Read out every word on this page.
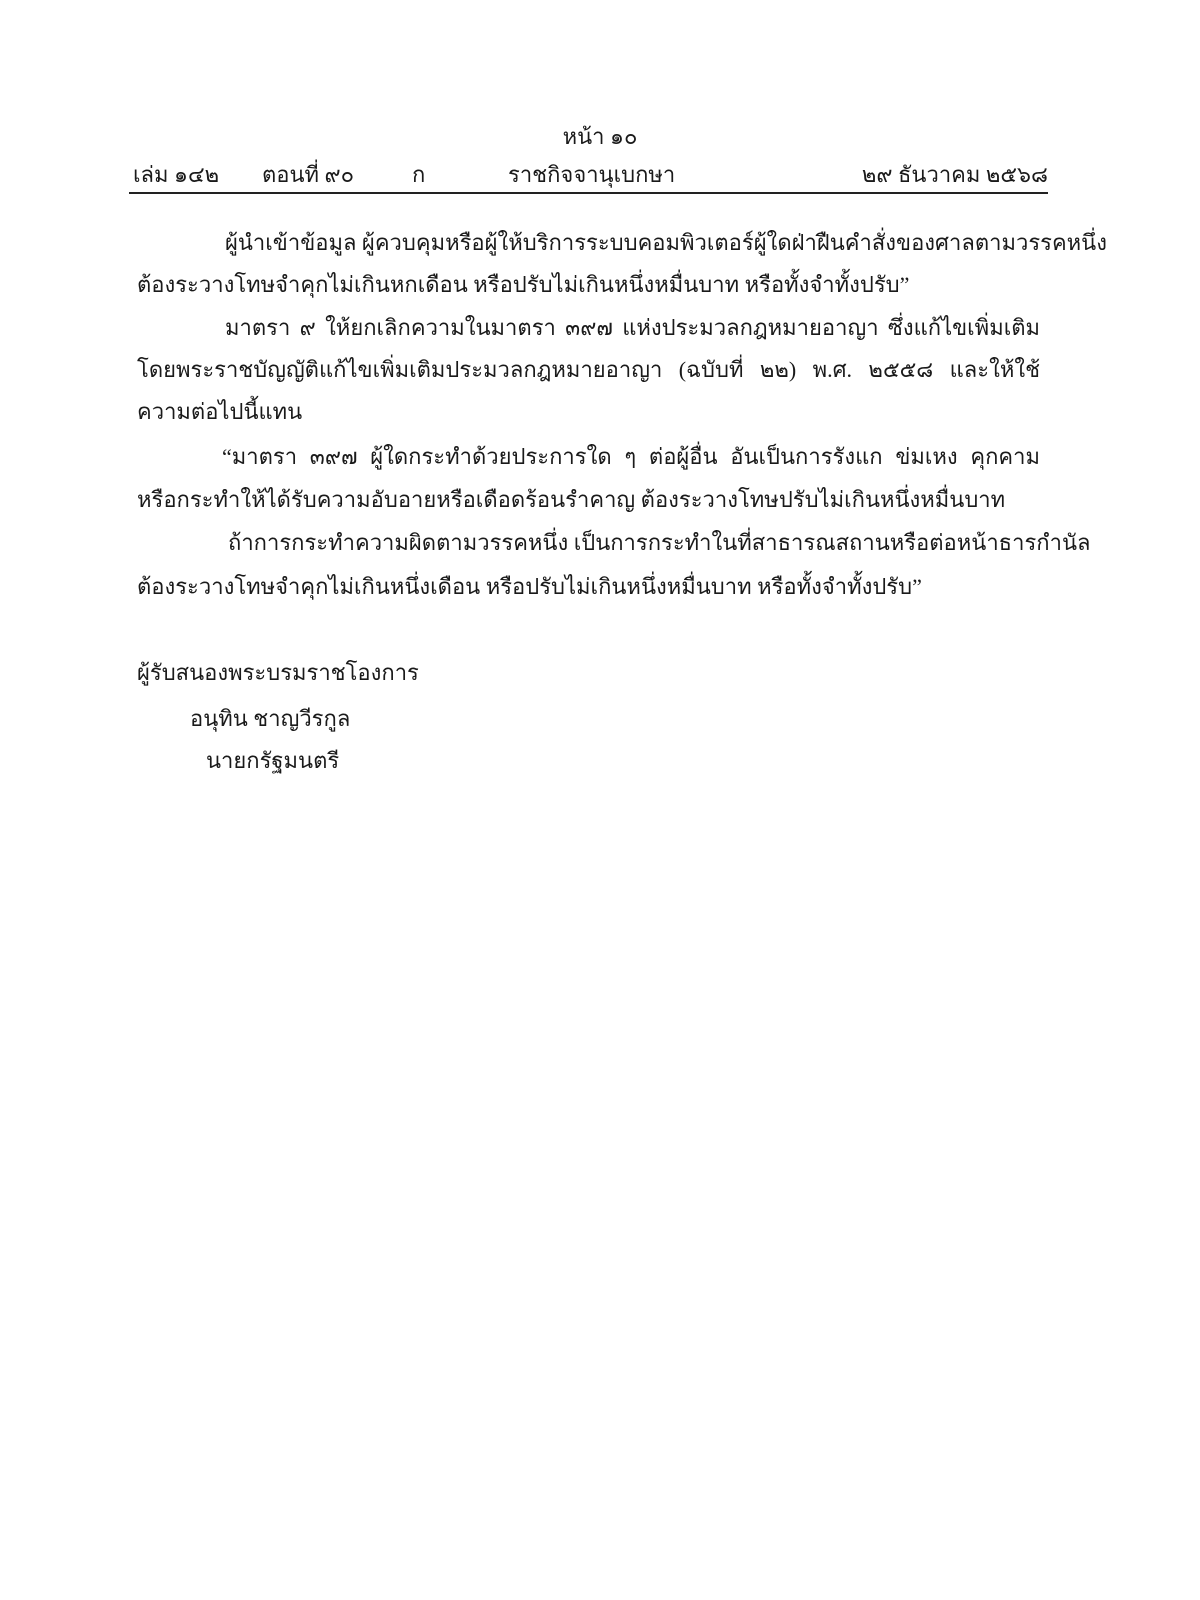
หน้า ๑๐
เล่ม ๑๔๒ ตอนที่ ๙๐	ก	ราชกิจจานุเบกษา	๒๙ ธันวาคม ๒๕๖๘
ผู้นำเข้าข้อมูล ผู้ควบคุมหรือผู้ให้บริการระบบคอมพิวเตอร์ผู้ใดฝ่าฝืนคำสั่งของศาลตามวรรคหนึ่ง
ต้องระวางโทษจำคุกไม่เกินหกเดือน หรือปรับไม่เกินหนึ่งหมื่นบาท หรือทั้งจำทั้งปรับ”
มาตรา ๙ ให้ยกเลิกความในมาตรา ๓๙๗ แห่งประมวลกฎหมายอาญา ซึ่งแก้ไขเพิ่มเติม
โดยพระราชบัญญัติแก้ไขเพิ่มเติมประมวลกฎหมายอาญา (ฉบับที่ ๒๒) พ.ศ. ๒๕๕๘ และให้ใช้
ความต่อไปนี้แทน
“มาตรา ๓๙๗ ผู้ใดกระทำด้วยประการใด ๆ ต่อผู้อื่น อันเป็นการรังแก ข่มเหง คุกคาม
หรือกระทำให้ได้รับความอับอายหรือเดือดร้อนรำคาญ ต้องระวางโทษปรับไม่เกินหนึ่งหมื่นบาท
ถ้าการกระทำความผิดตามวรรคหนึ่ง เป็นการกระทำในที่สาธารณสถานหรือต่อหน้าธารกำนัล
ต้องระวางโทษจำคุกไม่เกินหนึ่งเดือน หรือปรับไม่เกินหนึ่งหมื่นบาท หรือทั้งจำทั้งปรับ”
ผู้รับสนองพระบรมราชโองการ
อนุทิน ชาญวีรกูล
นายกรัฐมนตรี
